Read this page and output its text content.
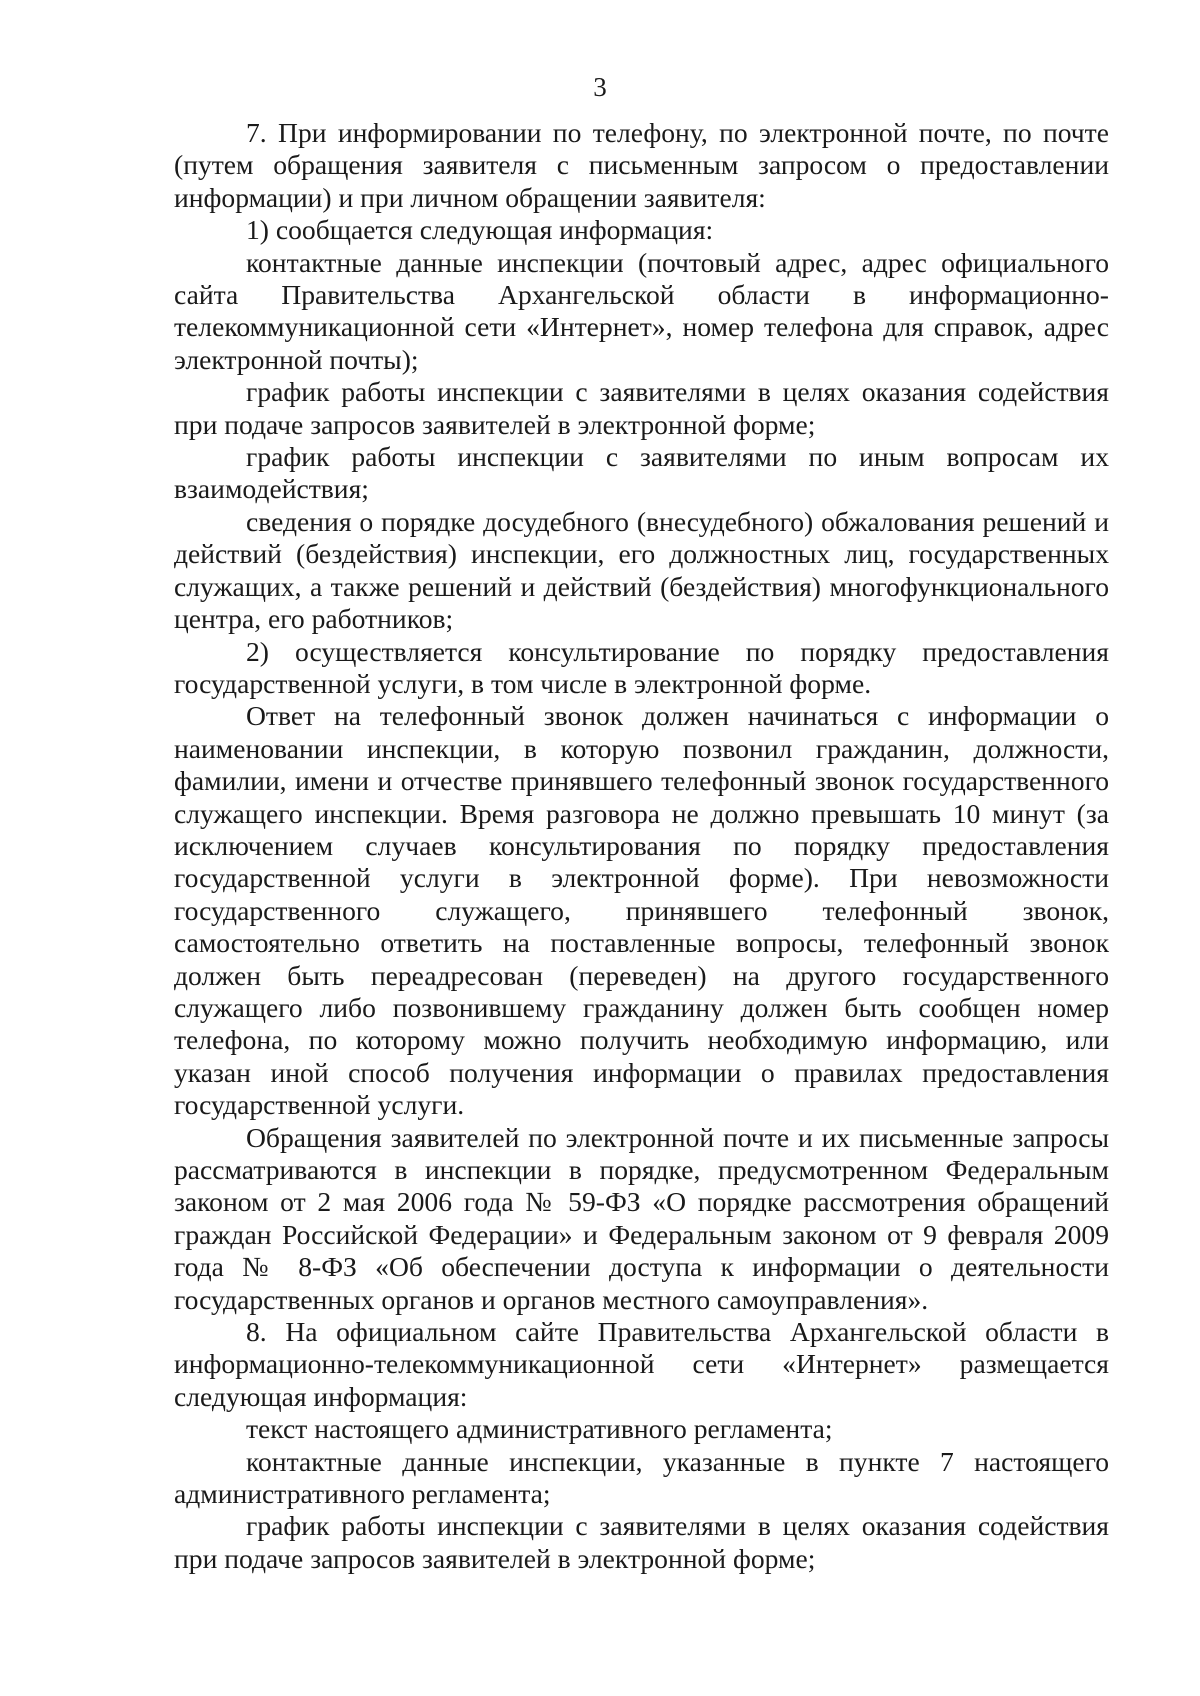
3

7. При информировании по телефону, по электронной почте, по почте (путем обращения заявителя с письменным запросом о предоставлении информации) и при личном обращении заявителя:

1) сообщается следующая информация:

контактные данные инспекции (почтовый адрес, адрес официального сайта Правительства Архангельской области в информационно-телекоммуникационной сети «Интернет», номер телефона для справок, адрес электронной почты);

график работы инспекции с заявителями в целях оказания содействия при подаче запросов заявителей в электронной форме;

график работы инспекции с заявителями по иным вопросам их взаимодействия;

сведения о порядке досудебного (внесудебного) обжалования решений и действий (бездействия) инспекции, его должностных лиц, государственных служащих, а также решений и действий (бездействия) многофункционального центра, его работников;

2) осуществляется консультирование по порядку предоставления государственной услуги, в том числе в электронной форме.

Ответ на телефонный звонок должен начинаться с информации о наименовании инспекции, в которую позвонил гражданин, должности, фамилии, имени и отчестве принявшего телефонный звонок государственного служащего инспекции. Время разговора не должно превышать 10 минут (за исключением случаев консультирования по порядку предоставления государственной услуги в электронной форме). При невозможности государственного служащего, принявшего телефонный звонок, самостоятельно ответить на поставленные вопросы, телефонный звонок должен быть переадресован (переведен) на другого государственного служащего либо позвонившему гражданину должен быть сообщен номер телефона, по которому можно получить необходимую информацию, или указан иной способ получения информации о правилах предоставления государственной услуги.

Обращения заявителей по электронной почте и их письменные запросы рассматриваются в инспекции в порядке, предусмотренном Федеральным законом от 2 мая 2006 года № 59-ФЗ «О порядке рассмотрения обращений граждан Российской Федерации» и Федеральным законом от 9 февраля 2009 года № 8-ФЗ «Об обеспечении доступа к информации о деятельности государственных органов и органов местного самоуправления».

8. На официальном сайте Правительства Архангельской области в информационно-телекоммуникационной сети «Интернет» размещается следующая информация:

текст настоящего административного регламента;

контактные данные инспекции, указанные в пункте 7 настоящего административного регламента;

график работы инспекции с заявителями в целях оказания содействия при подаче запросов заявителей в электронной форме;
